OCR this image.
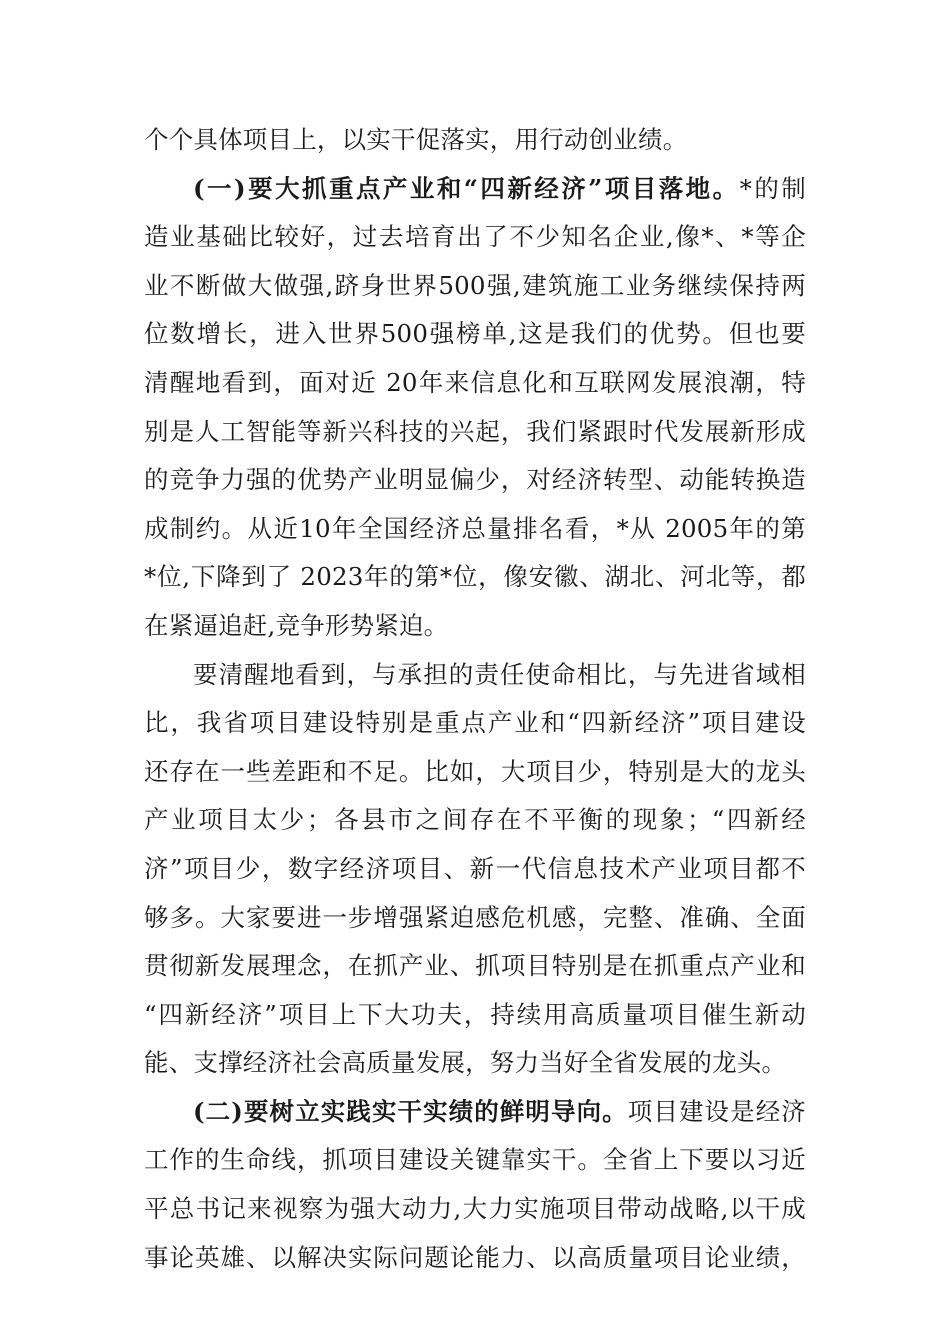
个个具体项目上，以实干促落实，用行动创业绩。
(一)要大抓重点产业和“四新经济”项目落地。*的制
造业基础比较好，过去培育出了不少知名企业,像*、*等企
业不断做大做强,跻身世界500强,建筑施工业务继续保持两
位数增长，进入世界500强榜单,这是我们的优势。但也要
清醒地看到，面对近 20年来信息化和互联网发展浪潮，特
别是人工智能等新兴科技的兴起，我们紧跟时代发展新形成
的竞争力强的优势产业明显偏少，对经济转型、动能转换造
成制约。从近10年全国经济总量排名看，*从 2005年的第
*位,下降到了 2023年的第*位，像安徽、湖北、河北等，都
在紧逼追赶,竞争形势紧迫。
要清醒地看到，与承担的责任使命相比，与先进省域相
比，我省项目建设特别是重点产业和“四新经济”项目建设
还存在一些差距和不足。比如，大项目少，特别是大的龙头
产业项目太少；各县市之间存在不平衡的现象；“四新经
济”项目少，数字经济项目、新一代信息技术产业项目都不
够多。大家要进一步增强紧迫感危机感，完整、准确、全面
贯彻新发展理念，在抓产业、抓项目特别是在抓重点产业和
“四新经济”项目上下大功夫，持续用高质量项目催生新动
能、支撑经济社会高质量发展，努力当好全省发展的龙头。
(二)要树立实践实干实绩的鲜明导向。项目建设是经济
工作的生命线，抓项目建设关键靠实干。全省上下要以习近
平总书记来视察为强大动力,大力实施项目带动战略,以干成
事论英雄、以解决实际问题论能力、以高质量项目论业绩，
